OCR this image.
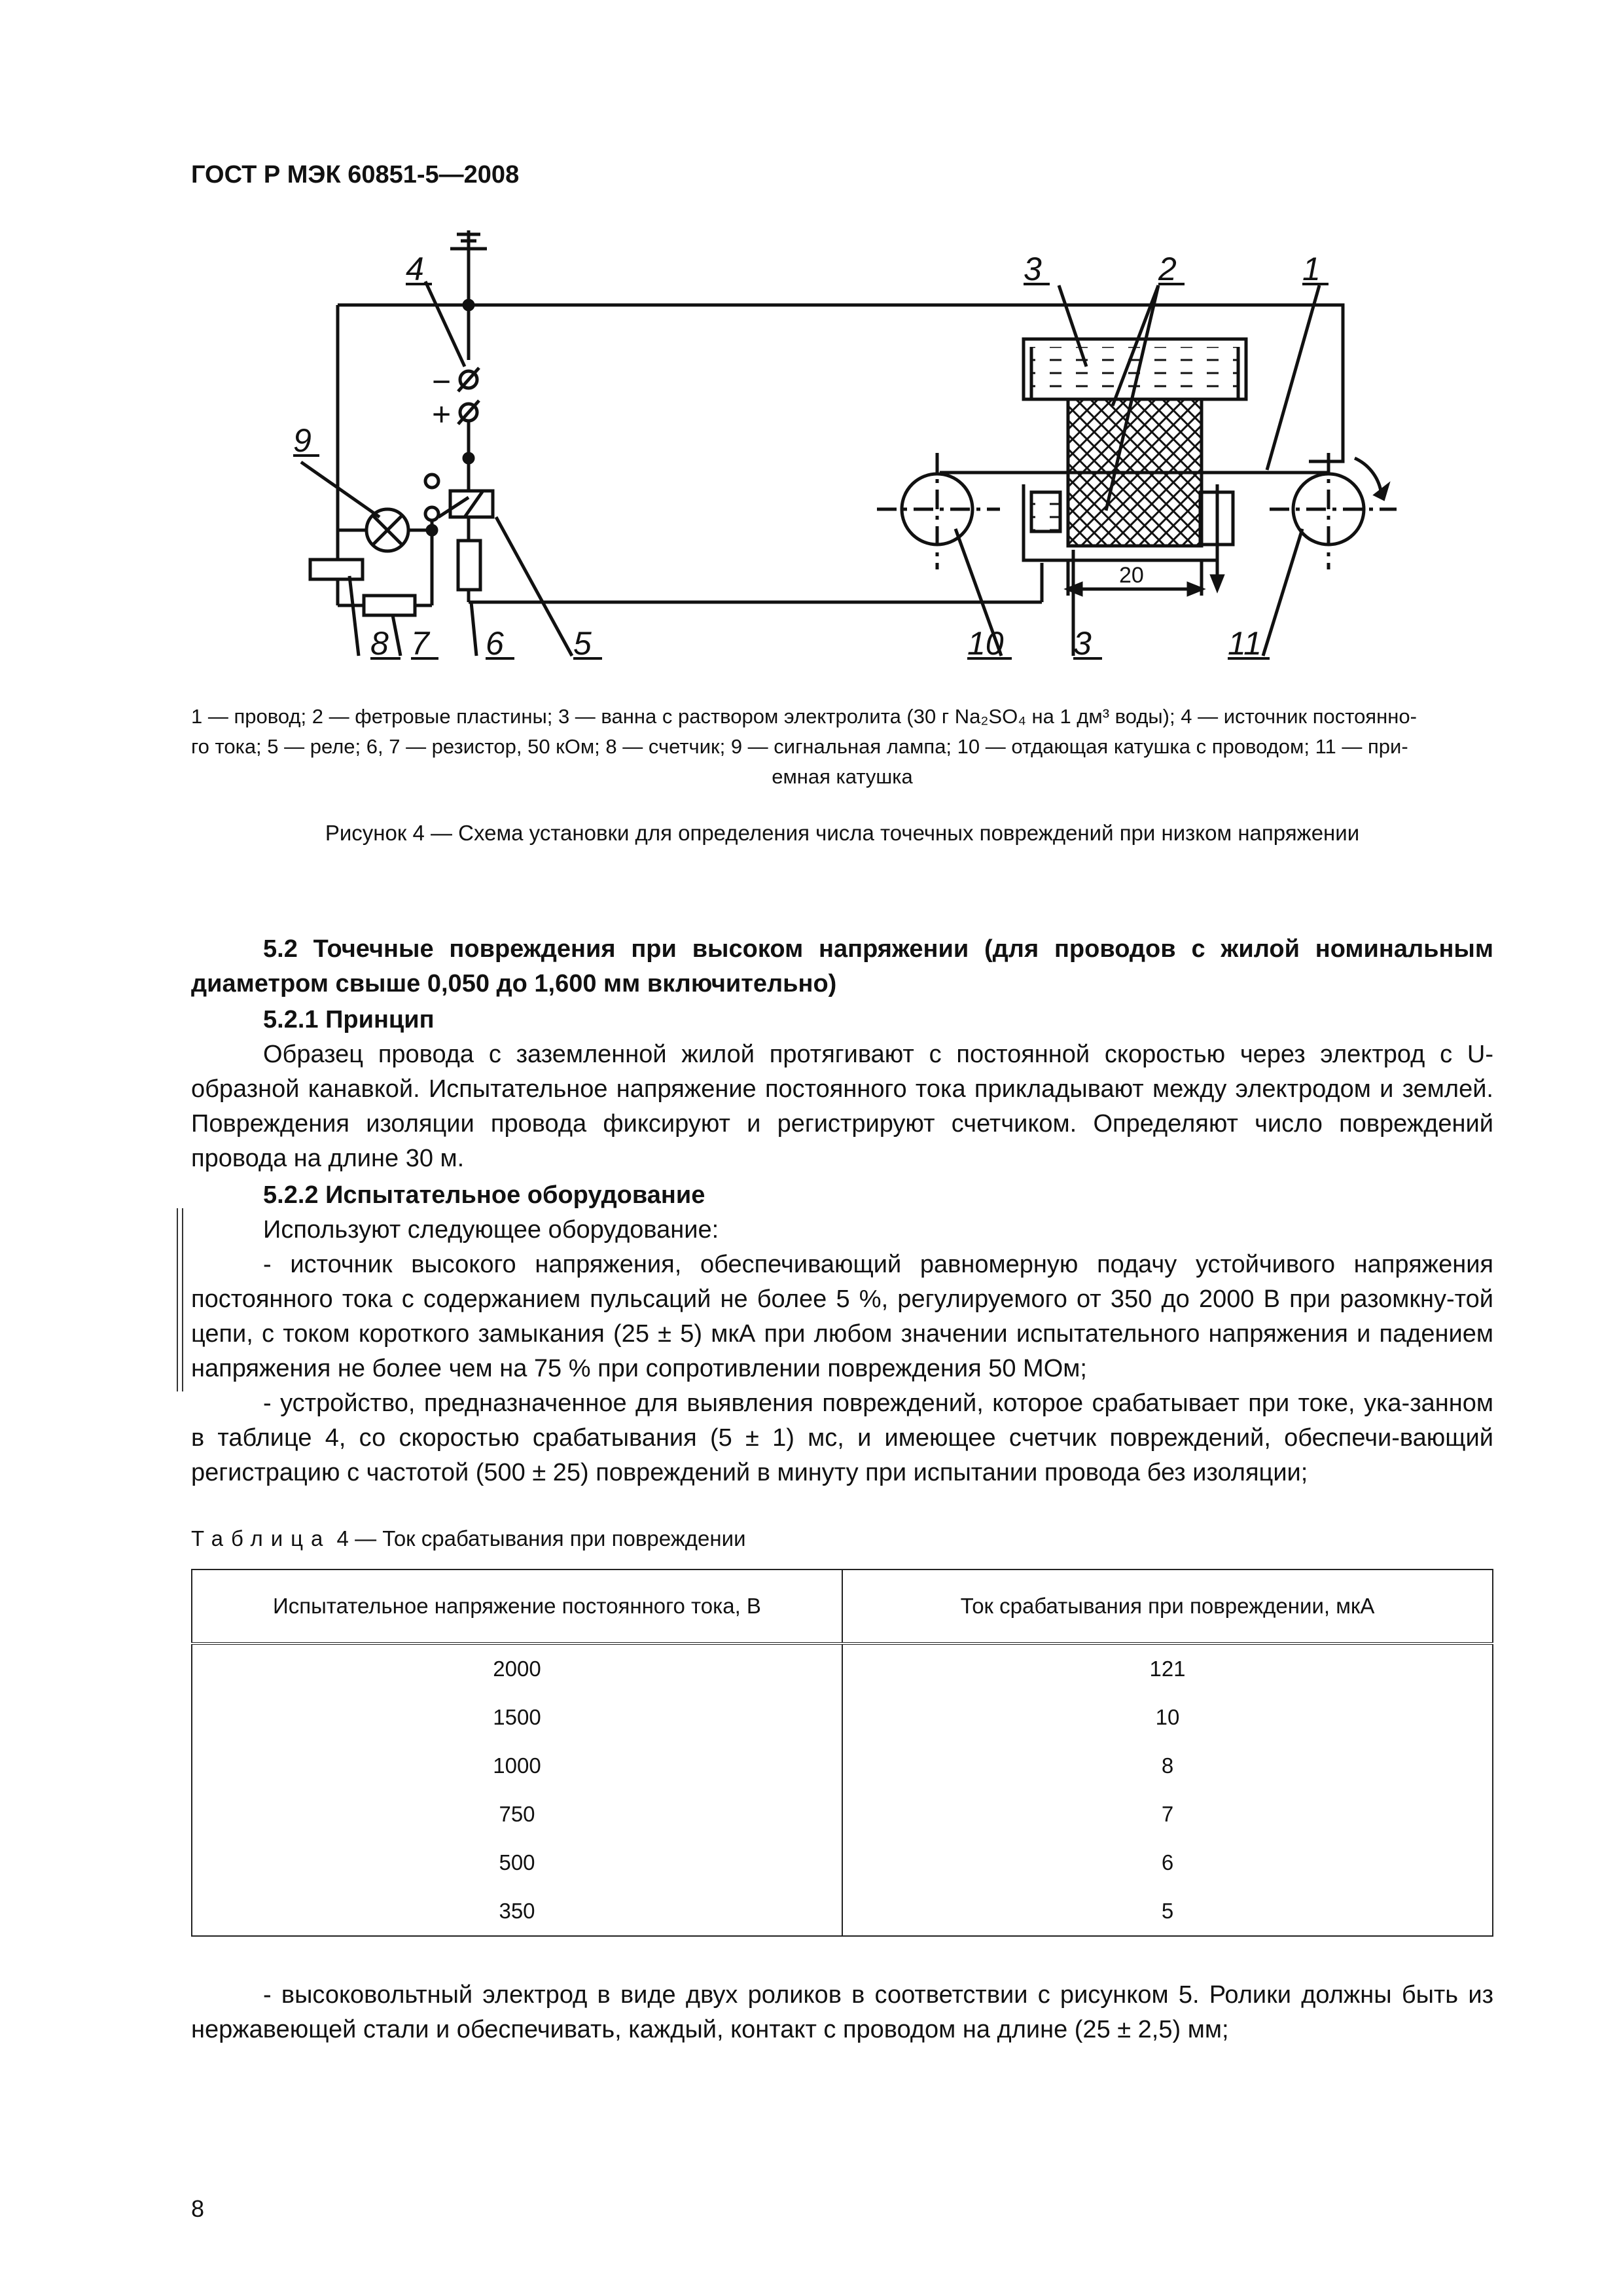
ГОСТ Р МЭК 60851-5—2008
4	3	2	1
9
−
+
20
8 7 6 5	10 3	11
1 — провод; 2 — фетровые пластины; 3 — ванна с раствором электролита (30 г Na₂SO₄ на 1 дм³ воды); 4 — источник постоянно-
го тока; 5 — реле; 6, 7 — резистор, 50 кОм; 8 — счетчик; 9 — сигнальная лампа; 10 — отдающая катушка с проводом; 11 — при-
емная катушка
Рисунок 4 — Схема установки для определения числа точечных повреждений при низком напряжении
5.2 Точечные повреждения при высоком напряжении (для проводов с жилой номинальным диаметром свыше 0,050 до 1,600 мм включительно)
5.2.1 Принцип
Образец провода с заземленной жилой протягивают с постоянной скоростью через электрод с U-образной канавкой. Испытательное напряжение постоянного тока прикладывают между электродом и землей. Повреждения изоляции провода фиксируют и регистрируют счетчиком. Определяют число повреждений провода на длине 30 м.
5.2.2 Испытательное оборудование
Используют следующее оборудование:
- источник высокого напряжения, обеспечивающий равномерную подачу устойчивого напряжения постоянного тока с содержанием пульсаций не более 5 %, регулируемого от 350 до 2000 В при разомкну-той цепи, с током короткого замыкания (25 ± 5) мкА при любом значении испытательного напряжения и падением напряжения не более чем на 75 % при сопротивлении повреждения 50 МОм;
- устройство, предназначенное для выявления повреждений, которое срабатывает при токе, ука-занном в таблице 4, со скоростью срабатывания (5 ± 1) мс, и имеющее счетчик повреждений, обеспечи-вающий регистрацию с частотой (500 ± 25) повреждений в минуту при испытании провода без изоляции;
Таблица 4 — Ток срабатывания при повреждении
Испытательное напряжение постоянного тока, В	Ток срабатывания при повреждении, мкА
2000	121
1500	10
1000	8
750	7
500	6
350	5
- высоковольтный электрод в виде двух роликов в соответствии с рисунком 5. Ролики должны быть из нержавеющей стали и обеспечивать, каждый, контакт с проводом на длине (25 ± 2,5) мм;
8
